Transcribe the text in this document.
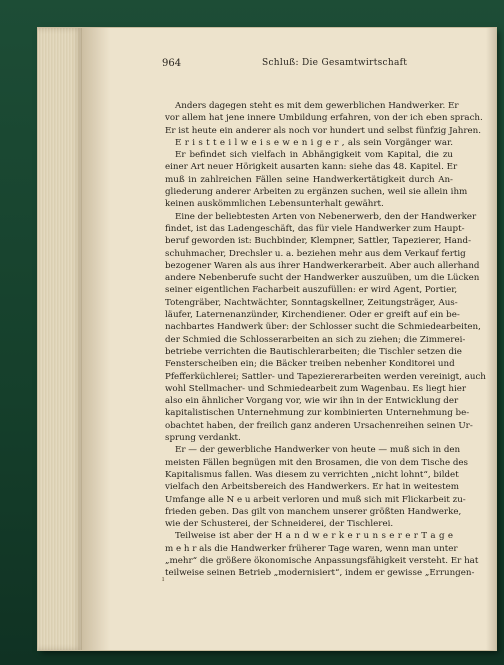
964	Schluß: Die Gesamtwirtschaft
Anders dagegen steht es mit dem gewerblichen Handwerker. Er
vor allem hat jene innere Umbildung erfahren, von der ich eben sprach.
Er ist heute ein anderer als noch vor hundert und selbst fünfzig Jahren.
E r i s t t e i l w e i s e w e n i g e r , als sein Vorgänger war.
Er befindet sich vielfach in Abhängigkeit vom Kapital, die zu
einer Art neuer Hörigkeit ausarten kann: siehe das 48. Kapitel. Er
muß in zahlreichen Fällen seine Handwerkertätigkeit durch An-
gliederung anderer Arbeiten zu ergänzen suchen, weil sie allein ihm
keinen auskömmlichen Lebensunterhalt gewährt.
Eine der beliebtesten Arten von Nebenerwerb, den der Handwerker
findet, ist das Ladengeschäft, das für viele Handwerker zum Haupt-
beruf geworden ist: Buchbinder, Klempner, Sattler, Tapezierer, Hand-
schuhmacher, Drechsler u. a. beziehen mehr aus dem Verkauf fertig
bezogener Waren als aus ihrer Handwerkerarbeit. Aber auch allerhand
andere Nebenberufe sucht der Handwerker auszuüben, um die Lücken
seiner eigentlichen Facharbeit auszufüllen: er wird Agent, Portier,
Totengräber, Nachtwächter, Sonntagskellner, Zeitungsträger, Aus-
läufer, Laternenanzünder, Kirchendiener. Oder er greift auf ein be-
nachbartes Handwerk über: der Schlosser sucht die Schmiedearbeiten,
der Schmied die Schlosserarbeiten an sich zu ziehen; die Zimmerei-
betriebe verrichten die Bautischlerarbeiten; die Tischler setzen die
Fensterscheiben ein; die Bäcker treiben nebenher Konditorei und
Pfefferküchlerei; Sattler- und Tapeziererarbeiten werden vereinigt, auch
wohl Stellmacher- und Schmiedearbeit zum Wagenbau. Es liegt hier
also ein ähnlicher Vorgang vor, wie wir ihn in der Entwicklung der
kapitalistischen Unternehmung zur kombinierten Unternehmung be-
obachtet haben, der freilich ganz anderen Ursachenreihen seinen Ur-
sprung verdankt.
Er — der gewerbliche Handwerker von heute — muß sich in den
meisten Fällen begnügen mit den Brosamen, die von dem Tische des
Kapitalismus fallen. Was diesem zu verrichten „nicht lohnt“, bildet
vielfach den Arbeitsbereich des Handwerkers. Er hat in weitestem
Umfange alle N e u arbeit verloren und muß sich mit Flickarbeit zu-
frieden geben. Das gilt von manchem unserer größten Handwerke,
wie der Schusterei, der Schneiderei, der Tischlerei.
Teilweise ist aber der H a n d w e r k e r u n s e r e r T a g e
m e h r als die Handwerker früherer Tage waren, wenn man unter
„mehr“ die größere ökonomische Anpassungsfähigkeit versteht. Er hat
teilweise seinen Betrieb „modernisiert“, indem er gewisse „Errungen-
ı
